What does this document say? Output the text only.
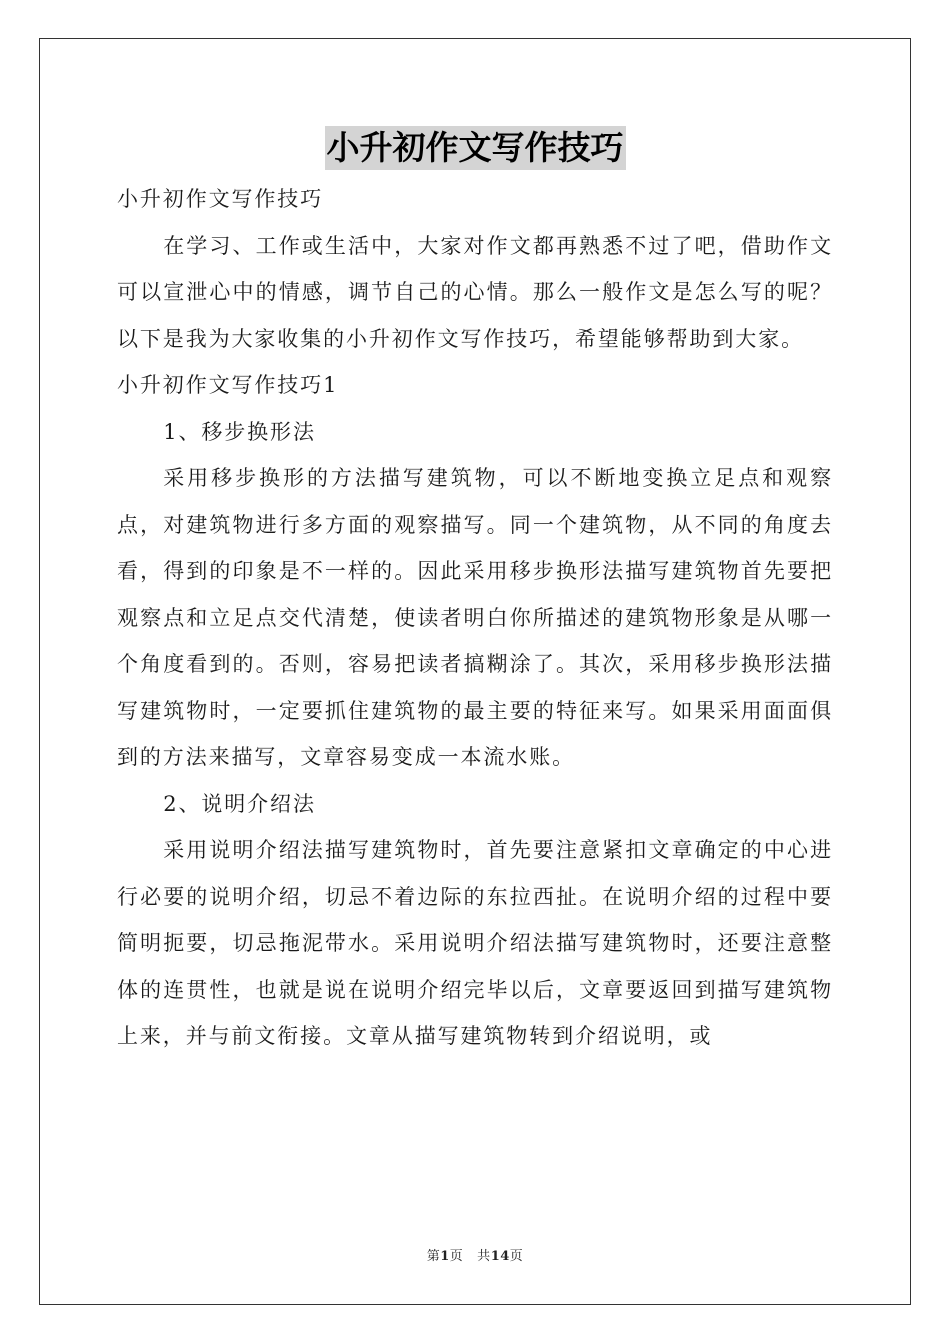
小升初作文写作技巧

小升初作文写作技巧

在学习、工作或生活中，大家对作文都再熟悉不过了吧，借助作文可以宣泄心中的情感，调节自己的心情。那么一般作文是怎么写的呢？以下是我为大家收集的小升初作文写作技巧，希望能够帮助到大家。

小升初作文写作技巧1

1、移步换形法

采用移步换形的方法描写建筑物，可以不断地变换立足点和观察点，对建筑物进行多方面的观察描写。同一个建筑物，从不同的角度去看，得到的印象是不一样的。因此采用移步换形法描写建筑物首先要把观察点和立足点交代清楚，使读者明白你所描述的建筑物形象是从哪一个角度看到的。否则，容易把读者搞糊涂了。其次，采用移步换形法描写建筑物时，一定要抓住建筑物的最主要的特征来写。如果采用面面俱到的方法来描写，文章容易变成一本流水账。

2、说明介绍法

采用说明介绍法描写建筑物时，首先要注意紧扣文章确定的中心进行必要的说明介绍，切忌不着边际的东拉西扯。在说明介绍的过程中要简明扼要，切忌拖泥带水。采用说明介绍法描写建筑物时，还要注意整体的连贯性，也就是说在说明介绍完毕以后，文章要返回到描写建筑物上来，并与前文衔接。文章从描写建筑物转到介绍说明，或

第1页 共14页
